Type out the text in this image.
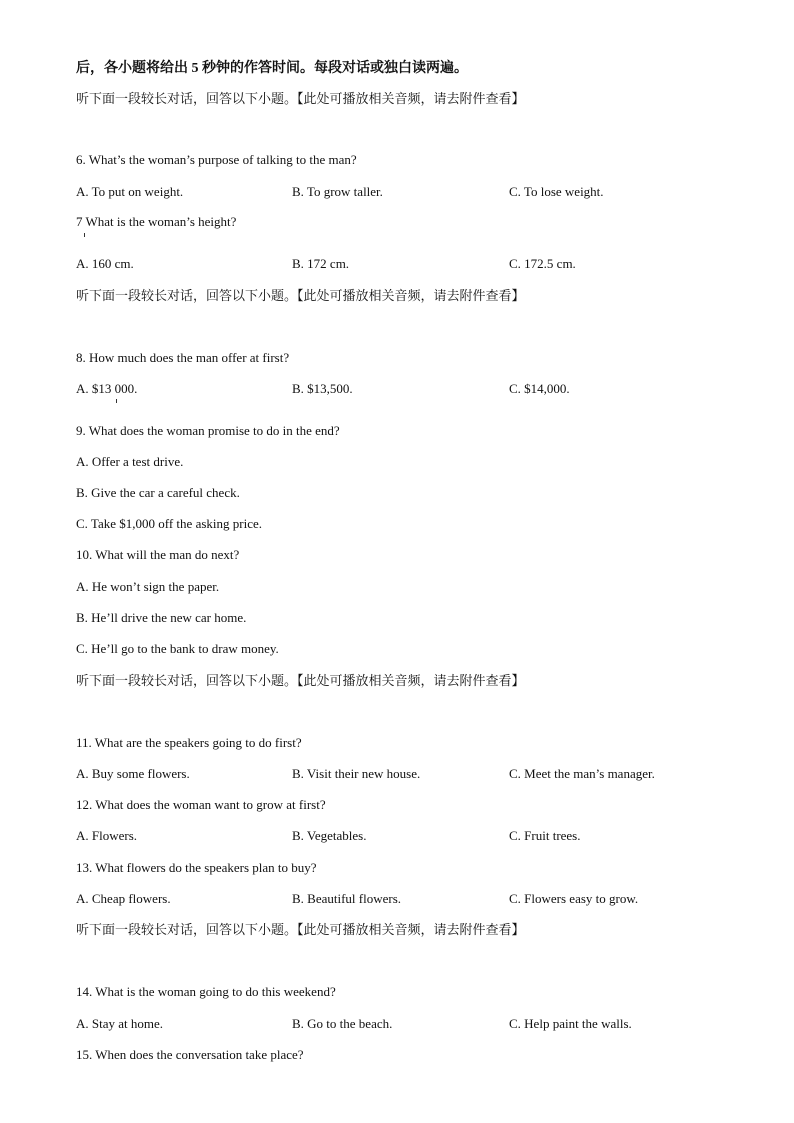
后，各小题将给出 5 秒钟的作答时间。每段对话或独白读两遍。
听下面一段较长对话，回答以下小题。【此处可播放相关音频，请去附件查看】
6. What’s the woman’s purpose of talking to the man?
A. To put on weight.	B. To grow taller.	C. To lose weight.
7 What is the woman’s height?
A. 160 cm.	B. 172 cm.	C. 172.5 cm.
听下面一段较长对话，回答以下小题。【此处可播放相关音频，请去附件查看】
8. How much does the man offer at first?
A. $13 000.	B. $13,500.	C. $14,000.
9. What does the woman promise to do in the end?
A. Offer a test drive.
B. Give the car a careful check.
C. Take $1,000 off the asking price.
10. What will the man do next?
A. He won’t sign the paper.
B. He’ll drive the new car home.
C. He’ll go to the bank to draw money.
听下面一段较长对话，回答以下小题。【此处可播放相关音频，请去附件查看】
11. What are the speakers going to do first?
A. Buy some flowers.	B. Visit their new house.	C. Meet the man’s manager.
12. What does the woman want to grow at first?
A. Flowers.	B. Vegetables.	C. Fruit trees.
13. What flowers do the speakers plan to buy?
A. Cheap flowers.	B. Beautiful flowers.	C. Flowers easy to grow.
听下面一段较长对话，回答以下小题。【此处可播放相关音频，请去附件查看】
14. What is the woman going to do this weekend?
A. Stay at home.	B. Go to the beach.	C. Help paint the walls.
15. When does the conversation take place?
